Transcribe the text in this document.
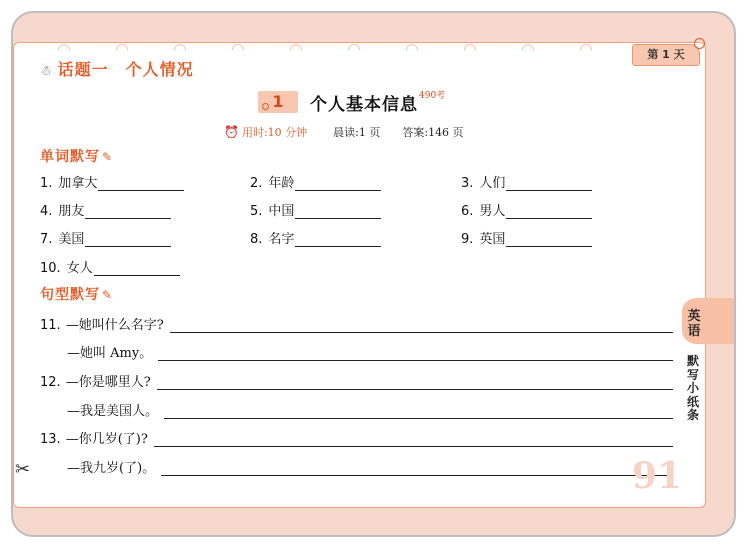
☃ 话题一　个人情况
第 1 天
1	个人基本信息 490考
⏰ 用时:10 分钟 晨读:1 页 答案:146 页
单词默写 ✎
1. 加拿大	2. 年龄	3. 人们
4. 朋友	5. 中国	6. 男人
7. 美国	8. 名字	9. 英国
10. 女人
句型默写 ✎
11. —她叫什么名字?
—她叫 Amy。
12. —你是哪里人?
—我是美国人。
13. —你几岁(了)?
—我九岁(了)。
英语
默写小纸条
91
✂
